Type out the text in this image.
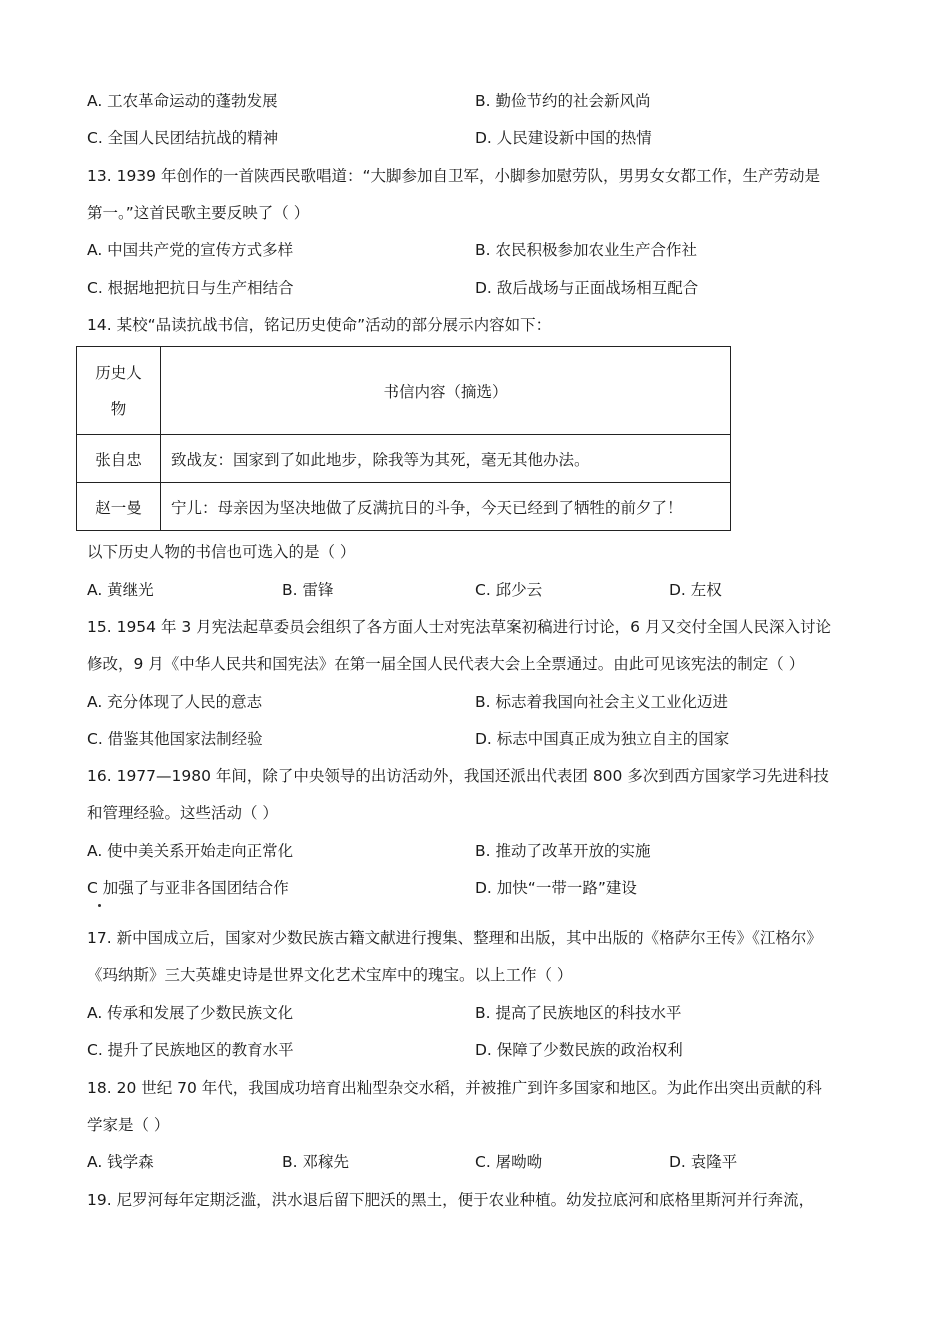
A. 工农革命运动的蓬勃发展	B. 勤俭节约的社会新风尚
C. 全国人民团结抗战的精神	D. 人民建设新中国的热情
13. 1939 年创作的一首陕西民歌唱道：“大脚参加自卫军，小脚参加慰劳队，男男女女都工作，生产劳动是
第一。”这首民歌主要反映了（ ）
A. 中国共产党的宣传方式多样	B. 农民积极参加农业生产合作社
C. 根据地把抗日与生产相结合	D. 敌后战场与正面战场相互配合
14. 某校“品读抗战书信，铭记历史使命”活动的部分展示内容如下：
历史人
物	书信内容（摘选）
张自忠	致战友：国家到了如此地步，除我等为其死，毫无其他办法。
赵一曼	宁儿：母亲因为坚决地做了反满抗日的斗争，今天已经到了牺牲的前夕了！
以下历史人物的书信也可选入的是（ ）
A. 黄继光	B. 雷锋	C. 邱少云	D. 左权
15. 1954 年 3 月宪法起草委员会组织了各方面人士对宪法草案初稿进行讨论，6 月又交付全国人民深入讨论
修改，9 月《中华人民共和国宪法》在第一届全国人民代表大会上全票通过。由此可见该宪法的制定（ ）
A. 充分体现了人民的意志	B. 标志着我国向社会主义工业化迈进
C. 借鉴其他国家法制经验	D. 标志中国真正成为独立自主的国家
16. 1977—1980 年间，除了中央领导的出访活动外，我国还派出代表团 800 多次到西方国家学习先进科技
和管理经验。这些活动（ ）
A. 使中美关系开始走向正常化	B. 推动了改革开放的实施
C 加强了与亚非各国团结合作	D. 加快“一带一路”建设
17. 新中国成立后，国家对少数民族古籍文献进行搜集、整理和出版，其中出版的《格萨尔王传》《江格尔》
《玛纳斯》三大英雄史诗是世界文化艺术宝库中的瑰宝。以上工作（ ）
A. 传承和发展了少数民族文化	B. 提高了民族地区的科技水平
C. 提升了民族地区的教育水平	D. 保障了少数民族的政治权利
18. 20 世纪 70 年代，我国成功培育出籼型杂交水稻，并被推广到许多国家和地区。为此作出突出贡献的科
学家是（ ）
A. 钱学森	B. 邓稼先	C. 屠呦呦	D. 袁隆平
19. 尼罗河每年定期泛滥，洪水退后留下肥沃的黑土，便于农业种植。幼发拉底河和底格里斯河并行奔流，
